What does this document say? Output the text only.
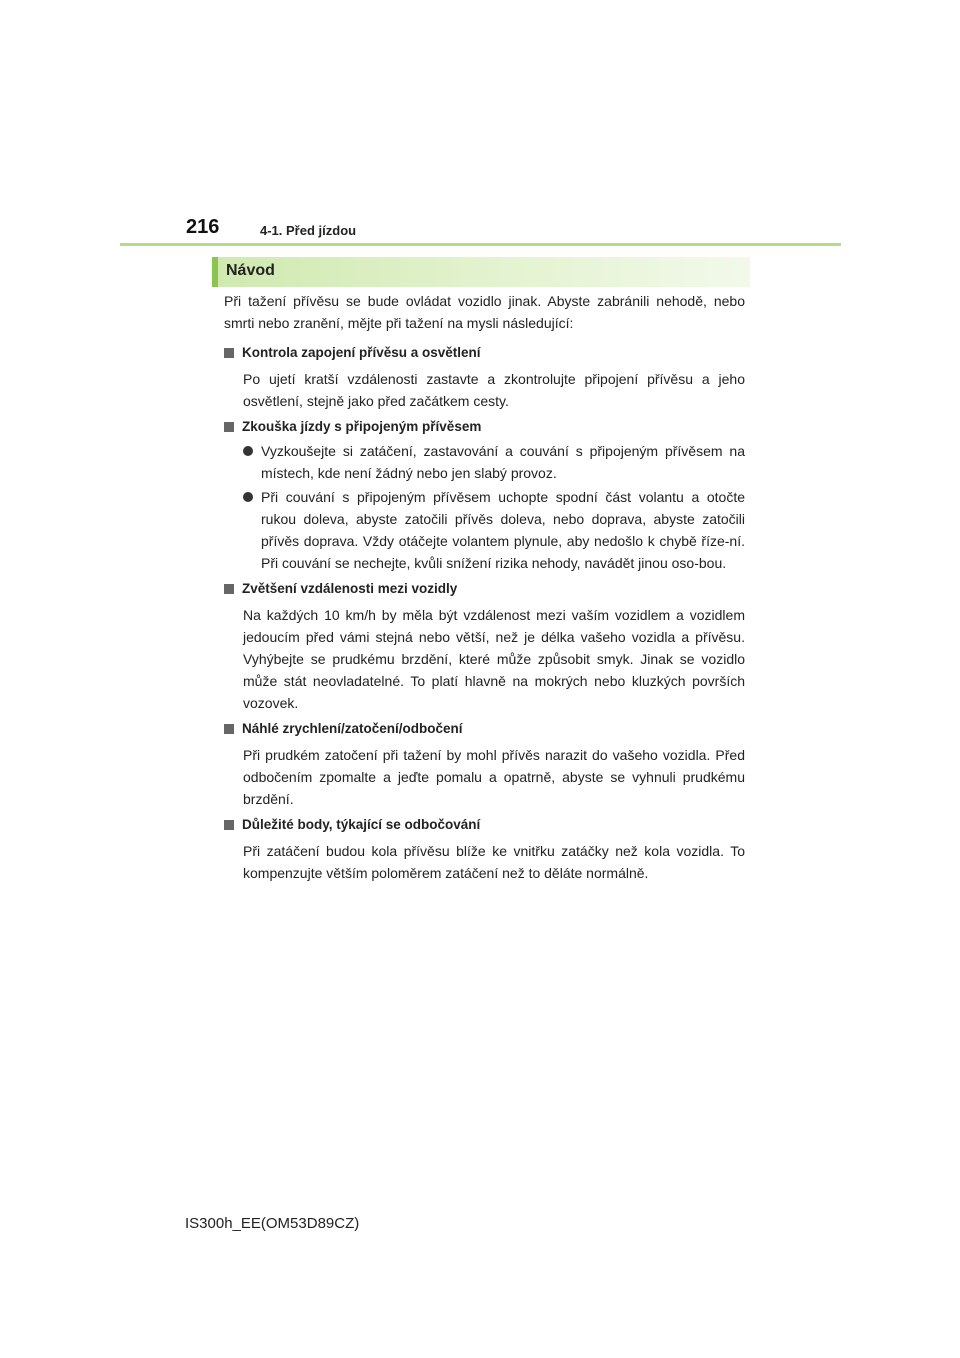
216	4-1. Před jízdou
Návod

Při tažení přívěsu se bude ovládat vozidlo jinak. Abyste zabránili nehodě, nebo smrti nebo zranění, mějte při tažení na mysli následující:

Kontrola zapojení přívěsu a osvětlení

Po ujetí kratší vzdálenosti zastavte a zkontrolujte připojení přívěsu a jeho osvětlení, stejně jako před začátkem cesty.

Zkouška jízdy s připojeným přívěsem

Vyzkoušejte si zatáčení, zastavování a couvání s připojeným přívěsem na místech, kde není žádný nebo jen slabý provoz.

Při couvání s připojeným přívěsem uchopte spodní část volantu a otočte rukou doleva, abyste zatočili přívěs doleva, nebo doprava, abyste zatočili přívěs doprava. Vždy otáčejte volantem plynule, aby nedošlo k chybě říze-ní. Při couvání se nechejte, kvůli snížení rizika nehody, navádět jinou oso-bou.

Zvětšení vzdálenosti mezi vozidly

Na každých 10 km/h by měla být vzdálenost mezi vaším vozidlem a vozidlem jedoucím před vámi stejná nebo větší, než je délka vašeho vozidla a přívěsu. Vyhýbejte se prudkému brzdění, které může způsobit smyk. Jinak se vozidlo může stát neovladatelné. To platí hlavně na mokrých nebo kluzkých površích vozovek.

Náhlé zrychlení/zatočení/odbočení

Při prudkém zatočení při tažení by mohl přívěs narazit do vašeho vozidla. Před odbočením zpomalte a jeďte pomalu a opatrně, abyste se vyhnuli prudkému brzdění.

Důležité body, týkající se odbočování

Při zatáčení budou kola přívěsu blíže ke vnitřku zatáčky než kola vozidla. To kompenzujte větším poloměrem zatáčení než to děláte normálně.

IS300h_EE(OM53D89CZ)
